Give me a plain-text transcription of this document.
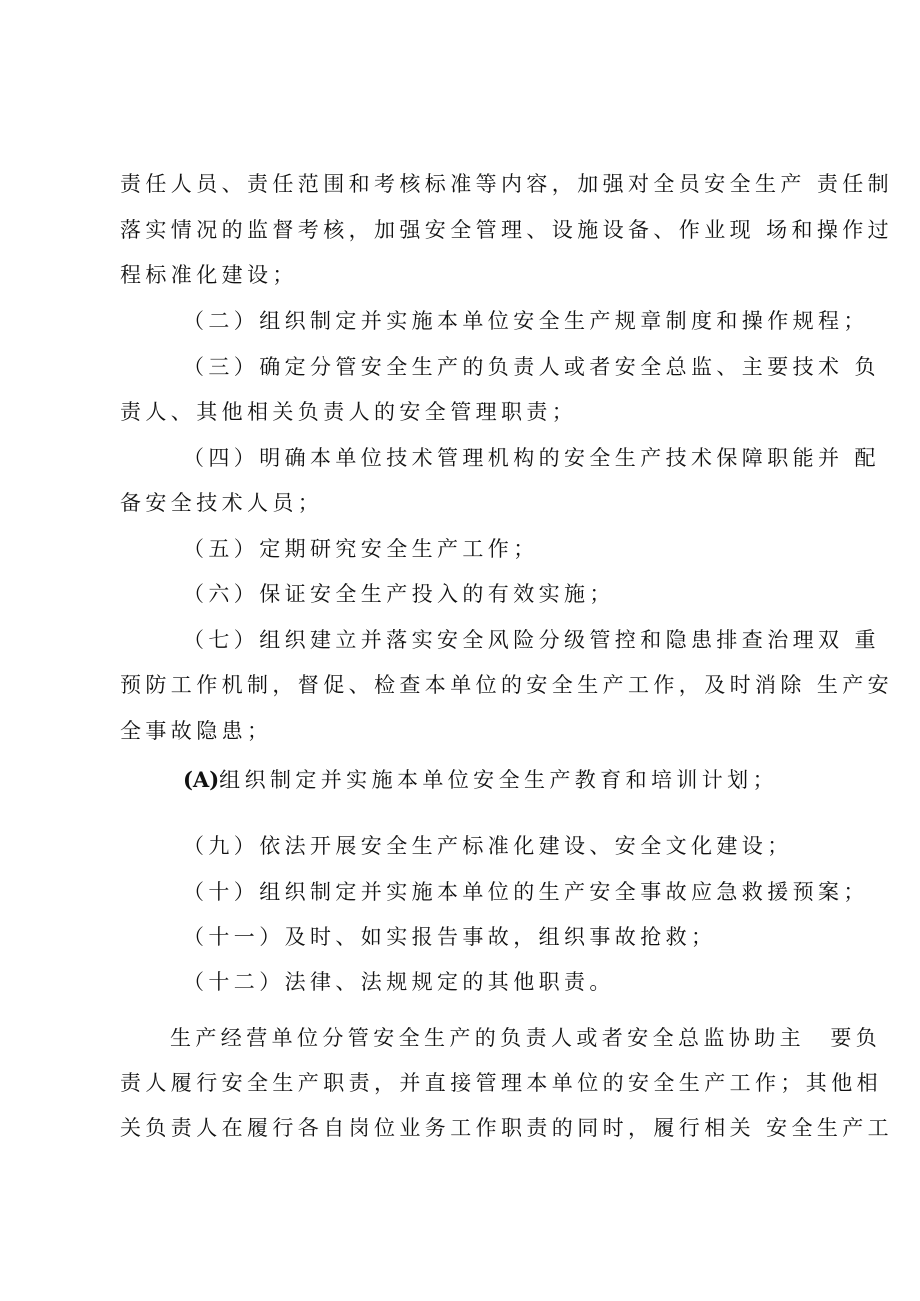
责任人员、责任范围和考核标准等内容，加强对全员安全生产 责任制
落实情况的监督考核，加强安全管理、设施设备、作业现 场和操作过
程标准化建设；
（二）组织制定并实施本单位安全生产规章制度和操作规程；
（三）确定分管安全生产的负责人或者安全总监、主要技术 负
责人、其他相关负责人的安全管理职责；
（四）明确本单位技术管理机构的安全生产技术保障职能并 配
备安全技术人员；
（五）定期研究安全生产工作；
（六）保证安全生产投入的有效实施；
（七）组织建立并落实安全风险分级管控和隐患排查治理双 重
预防工作机制，督促、检查本单位的安全生产工作，及时消除 生产安
全事故隐患；
(A)组织制定并实施本单位安全生产教育和培训计划；
（九）依法开展安全生产标准化建设、安全文化建设；
（十）组织制定并实施本单位的生产安全事故应急救援预案；
（十一）及时、如实报告事故，组织事故抢救；
（十二）法律、法规规定的其他职责。
生产经营单位分管安全生产的负责人或者安全总监协助主　要负
责人履行安全生产职责，并直接管理本单位的安全生产工作；其他相
关负责人在履行各自岗位业务工作职责的同时，履行相关 安全生产工
